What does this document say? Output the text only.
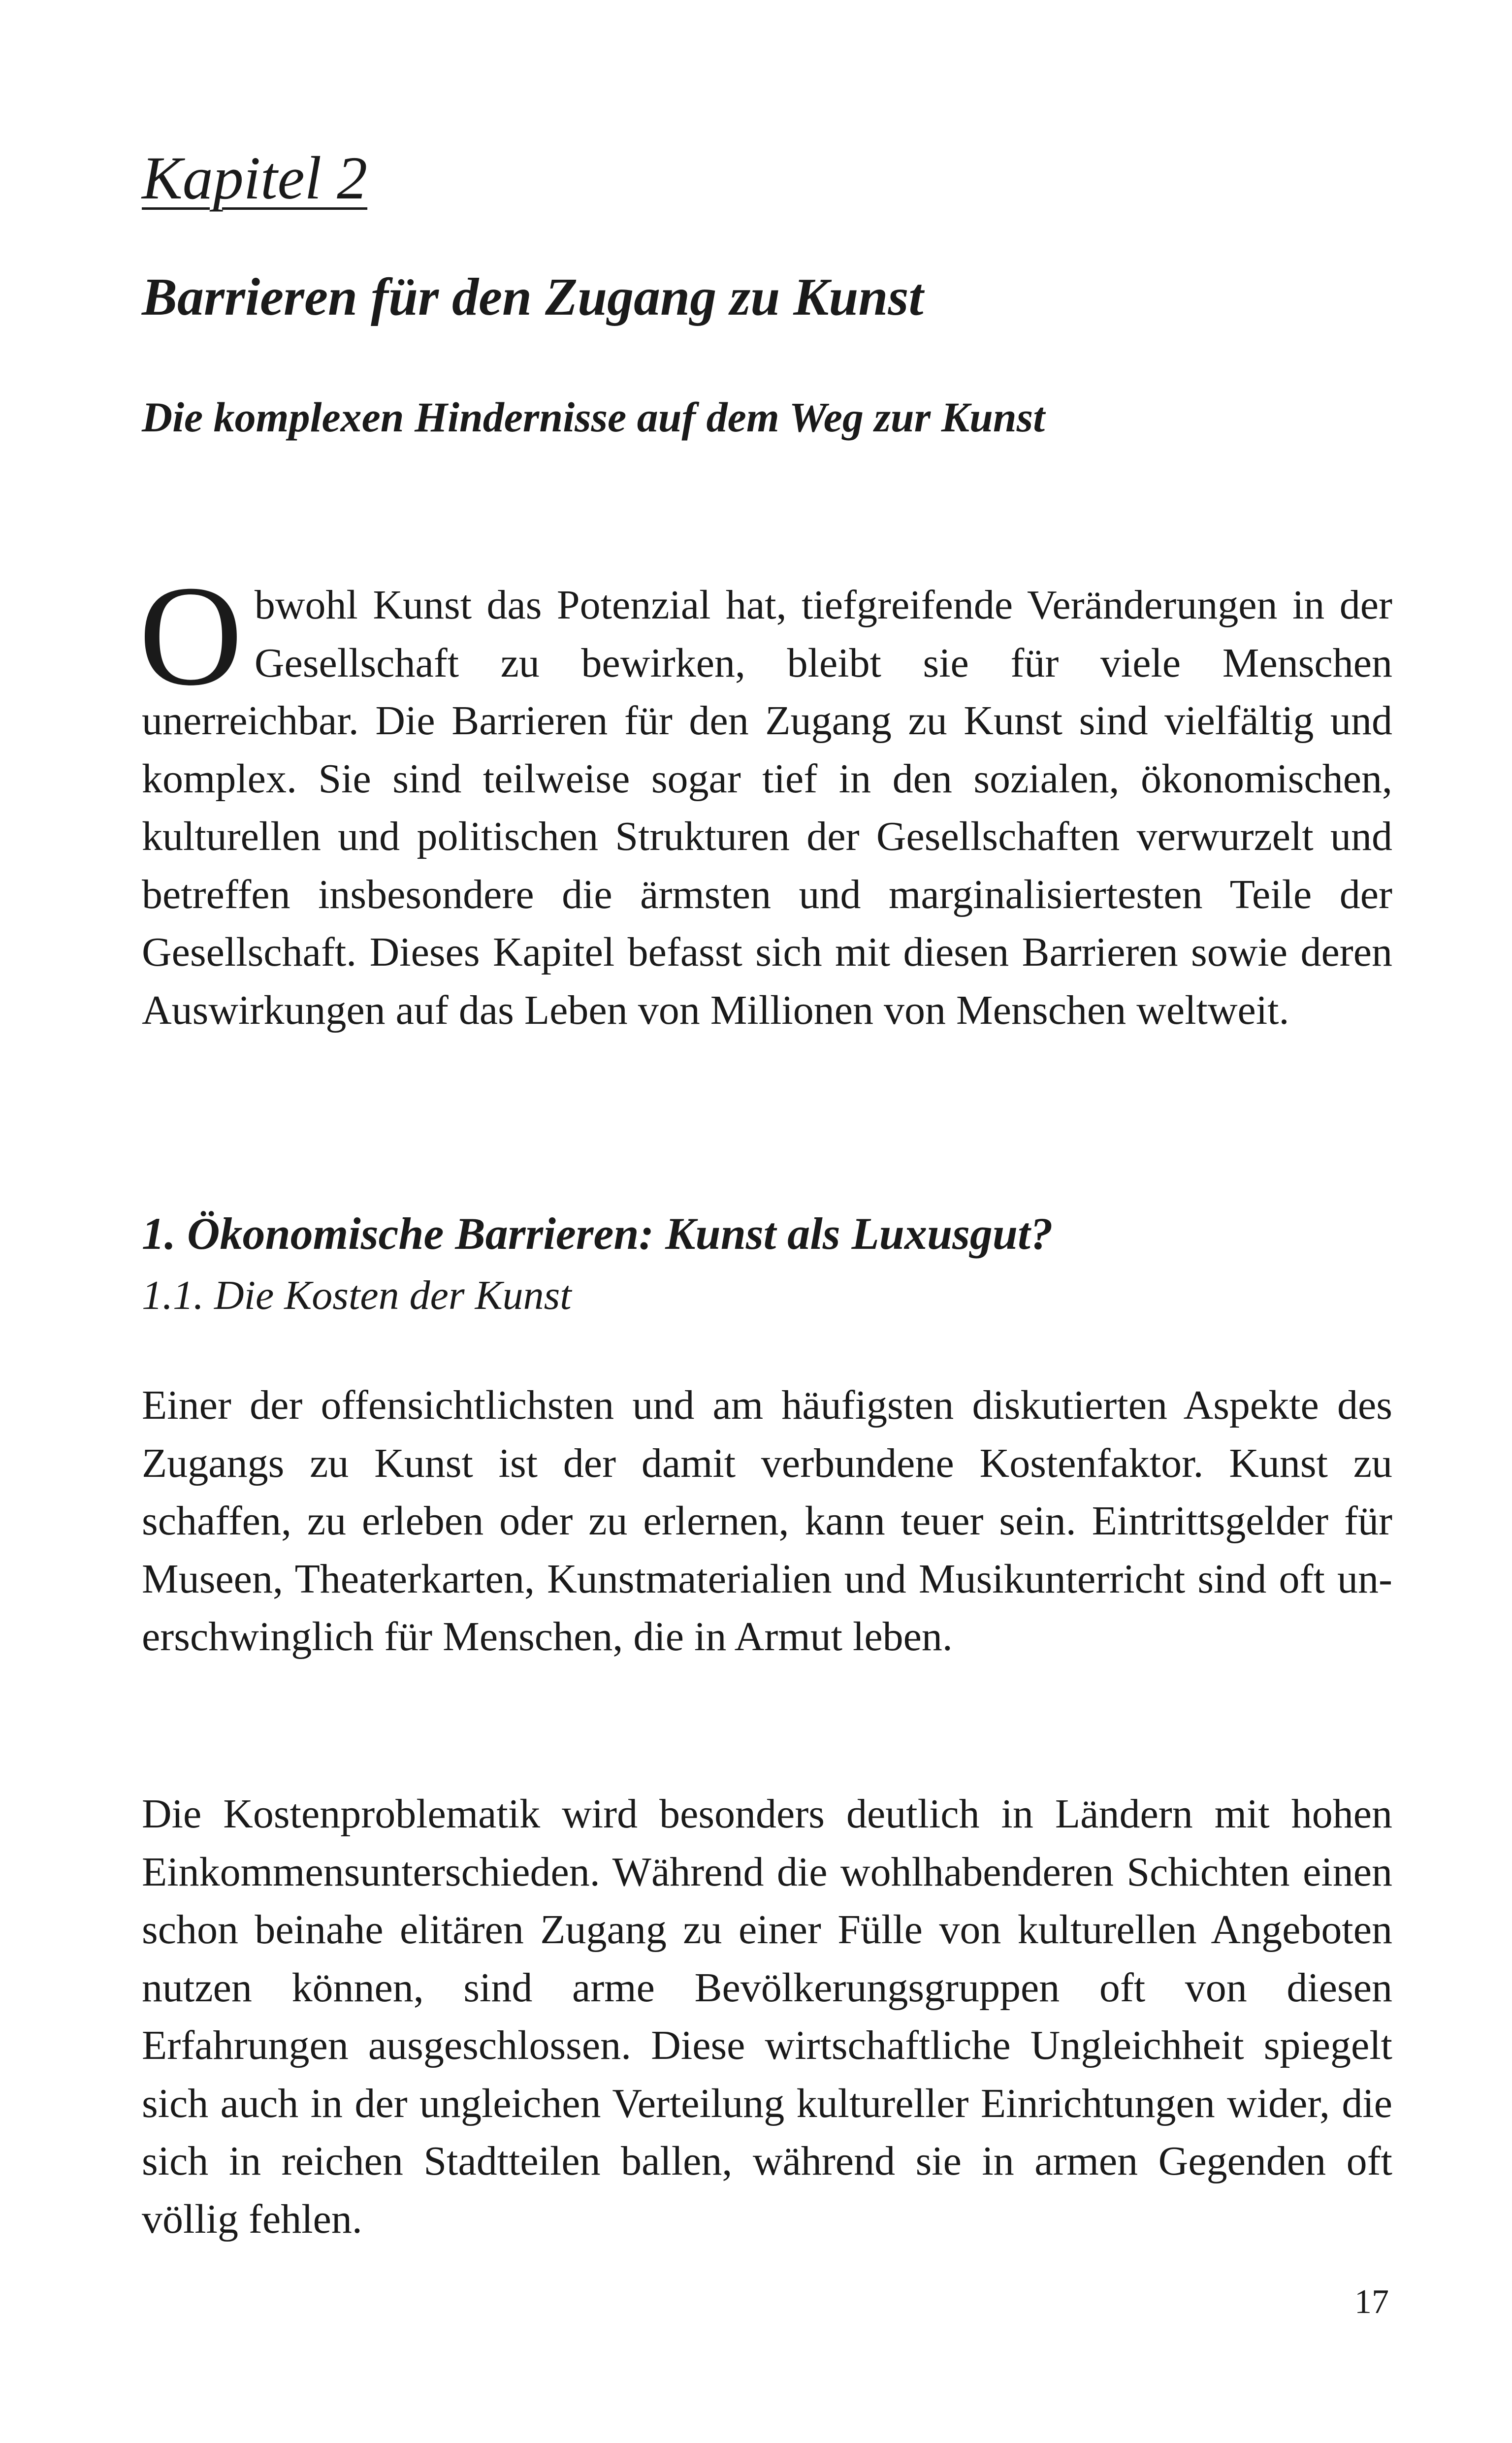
Kapitel 2
Barrieren für den Zugang zu Kunst
Die komplexen Hindernisse auf dem Weg zur Kunst

Obwohl Kunst das Potenzial hat, tiefgreifende Veränderungen in der Gesellschaft zu bewirken, bleibt sie für viele Menschen unerreichbar. Die Barrieren für den Zugang zu Kunst sind vielfältig und komplex. Sie sind teilweise sogar tief in den sozialen, ökonomischen, kulturellen und politischen Strukturen der Gesellschaften verwurzelt und betreffen insbesondere die ärmsten und marginalisiertesten Teile der Gesellschaft. Dieses Kapitel befasst sich mit diesen Barrieren sowie deren Auswirkungen auf das Leben von Millionen von Menschen weltweit.

1. Ökonomische Barrieren: Kunst als Luxusgut?
1.1. Die Kosten der Kunst

Einer der offensichtlichsten und am häufigsten diskutierten Aspekte des Zugangs zu Kunst ist der damit verbundene Kostenfaktor. Kunst zu schaffen, zu erleben oder zu erlernen, kann teuer sein. Eintrittsgelder für Museen, Theaterkarten, Kunstmaterialien und Musikunterricht sind oft unerschwinglich für Menschen, die in Armut leben.

Die Kostenproblematik wird besonders deutlich in Ländern mit hohen Einkommensunterschieden. Während die wohlhabenderen Schichten einen schon beinahe elitären Zugang zu einer Fülle von kulturellen Angeboten nutzen können, sind arme Bevölkerungsgruppen oft von diesen Erfahrungen ausgeschlossen. Diese wirtschaftliche Ungleichheit spiegelt sich auch in der ungleichen Verteilung kultureller Einrichtungen wider, die sich in reichen Stadtteilen ballen, während sie in armen Gegenden oft völlig fehlen.

17
